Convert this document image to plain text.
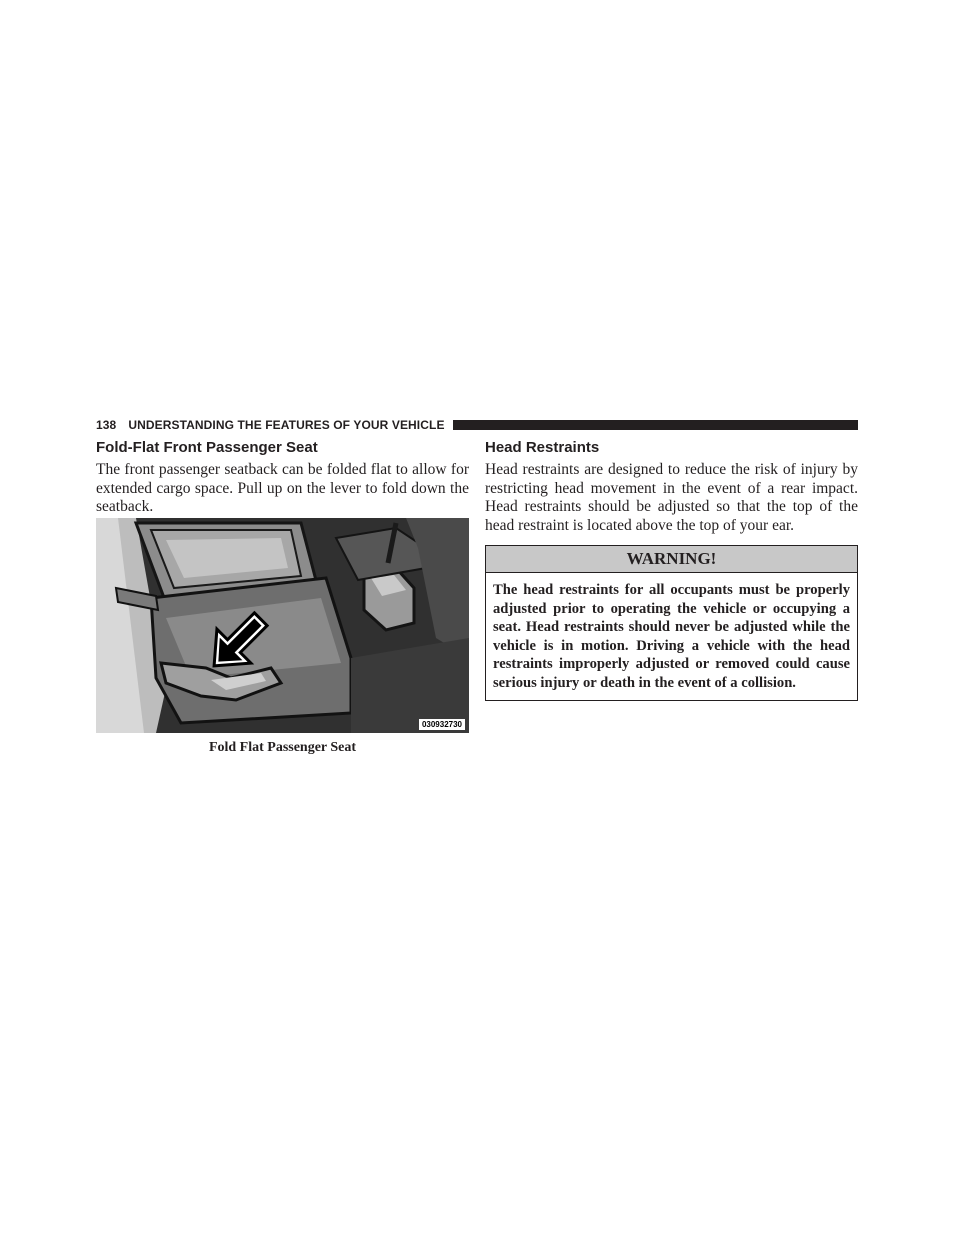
138 UNDERSTANDING THE FEATURES OF YOUR VEHICLE
Fold-Flat Front Passenger Seat

The front passenger seatback can be folded flat to allow for extended cargo space. Pull up on the lever to fold down the seatback.

030932730
Fold Flat Passenger Seat
Head Restraints

Head restraints are designed to reduce the risk of injury by restricting head movement in the event of a rear impact. Head restraints should be adjusted so that the top of the head restraint is located above the top of your ear.

WARNING!
The head restraints for all occupants must be properly adjusted prior to operating the vehicle or occupying a seat. Head restraints should never be adjusted while the vehicle is in motion. Driving a vehicle with the head restraints improperly adjusted or removed could cause serious injury or death in the event of a collision.
